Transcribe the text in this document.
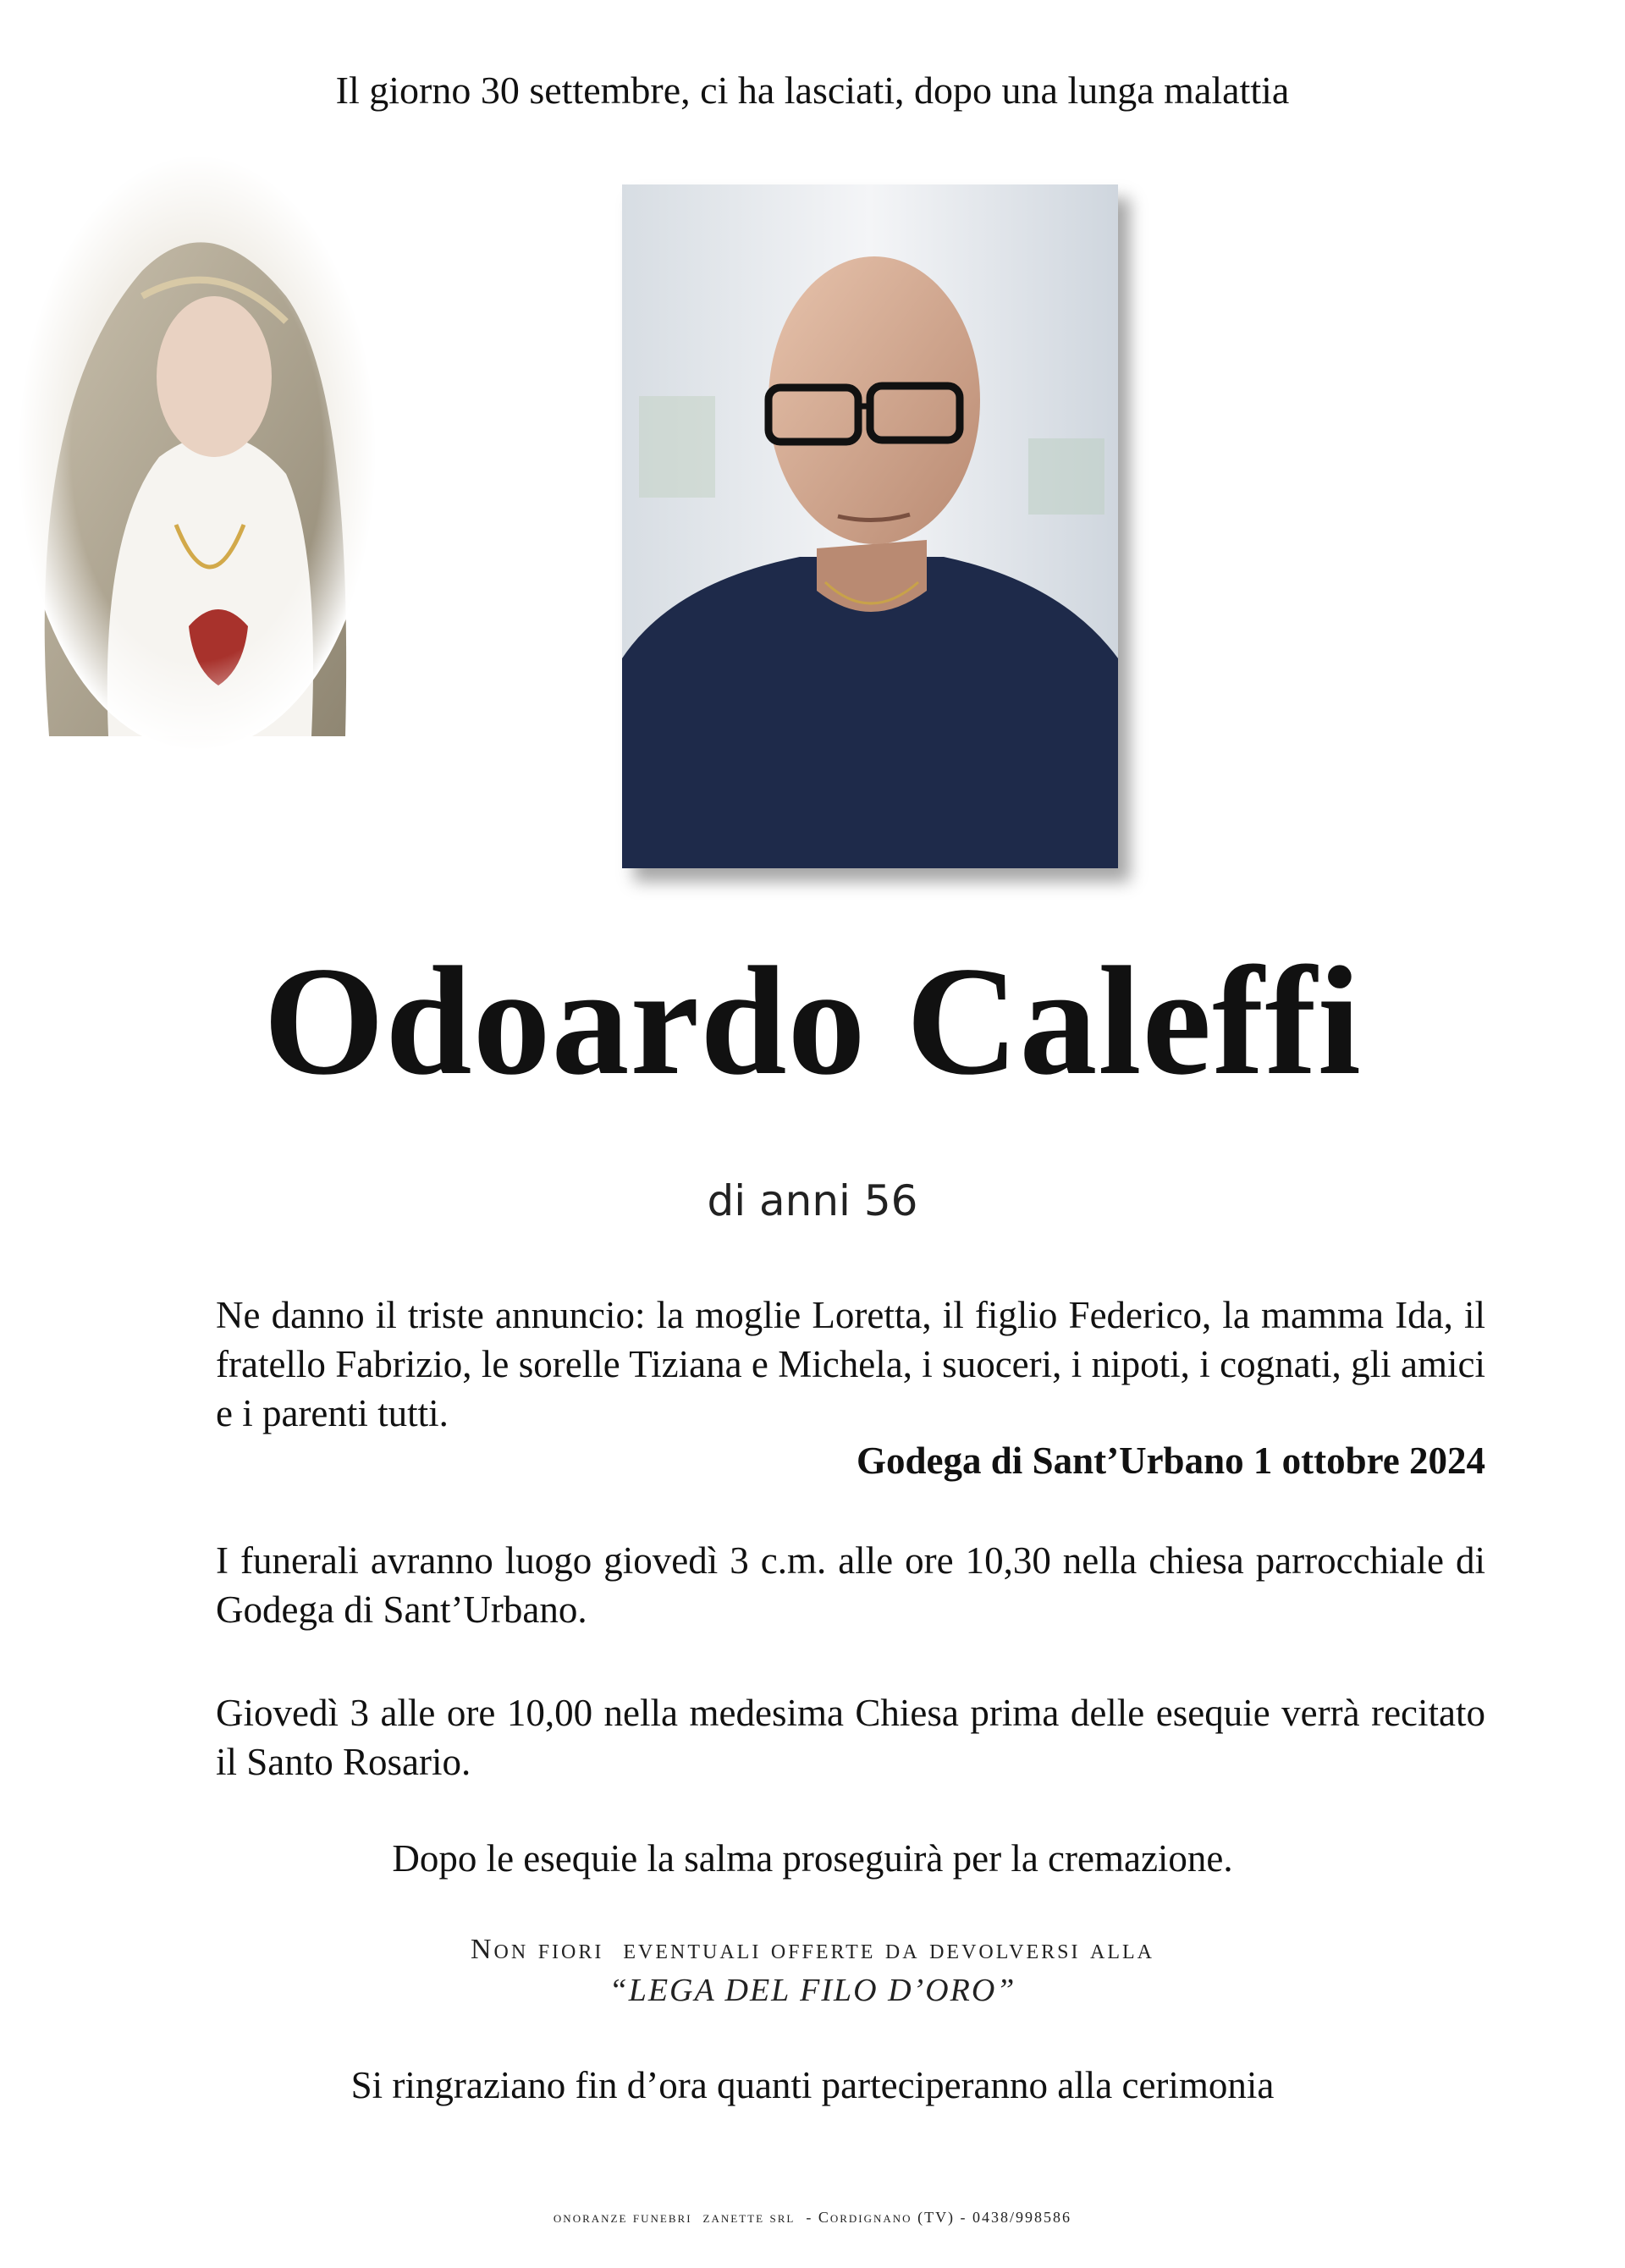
Il giorno 30 settembre, ci ha lasciati, dopo una lunga malattia
Odoardo Caleffi
di anni 56
Ne danno il triste annuncio: la moglie Loretta, il figlio Federico, la mamma Ida, il fratello Fabrizio, le sorelle Tiziana e Michela, i suoceri, i nipoti, i cognati, gli amici e i parenti tutti.
Godega di Sant’Urbano 1 ottobre 2024
I funerali avranno luogo giovedì 3 c.m. alle ore 10,30 nella chiesa parrocchiale di Godega di Sant’Urbano.
Giovedì 3 alle ore 10,00 nella medesima Chiesa prima delle esequie verrà recitato il Santo Rosario.
Dopo le esequie la salma proseguirà per la cremazione.
Non fiori  eventuali offerte da devolversi alla
“LEGA DEL FILO D’ORO”
Si ringraziano fin d’ora quanti parteciperanno alla cerimonia
onoranze funebri  zanette srl  - Cordignano (TV) - 0438/998586
